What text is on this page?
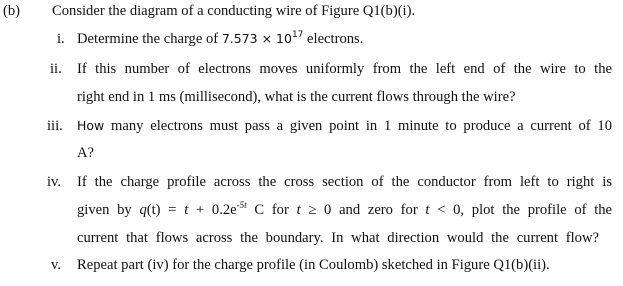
(b) Consider the diagram of a conducting wire of Figure Q1(b)(i).
i. Determine the charge of $7.573 \times 10^{17}$ electrons.
ii. If this number of electrons moves uniformly from the left end of the wire to the
right end in 1 ms (millisecond), what is the current flows through the wire?
iii. How many electrons must pass a given point in 1 minute to produce a current of 10
A?
iv. If the charge profile across the cross section of the conductor from left to right is
given by $q(t) = t + 0.2e^{-5t}$ C for t ≥ 0 and zero for t < 0, plot the profile of the
current that flows across the boundary. In what direction would the current flow?
v. Repeat part (iv) for the charge profile (in Coulomb) sketched in Figure Q1(b)(ii).
